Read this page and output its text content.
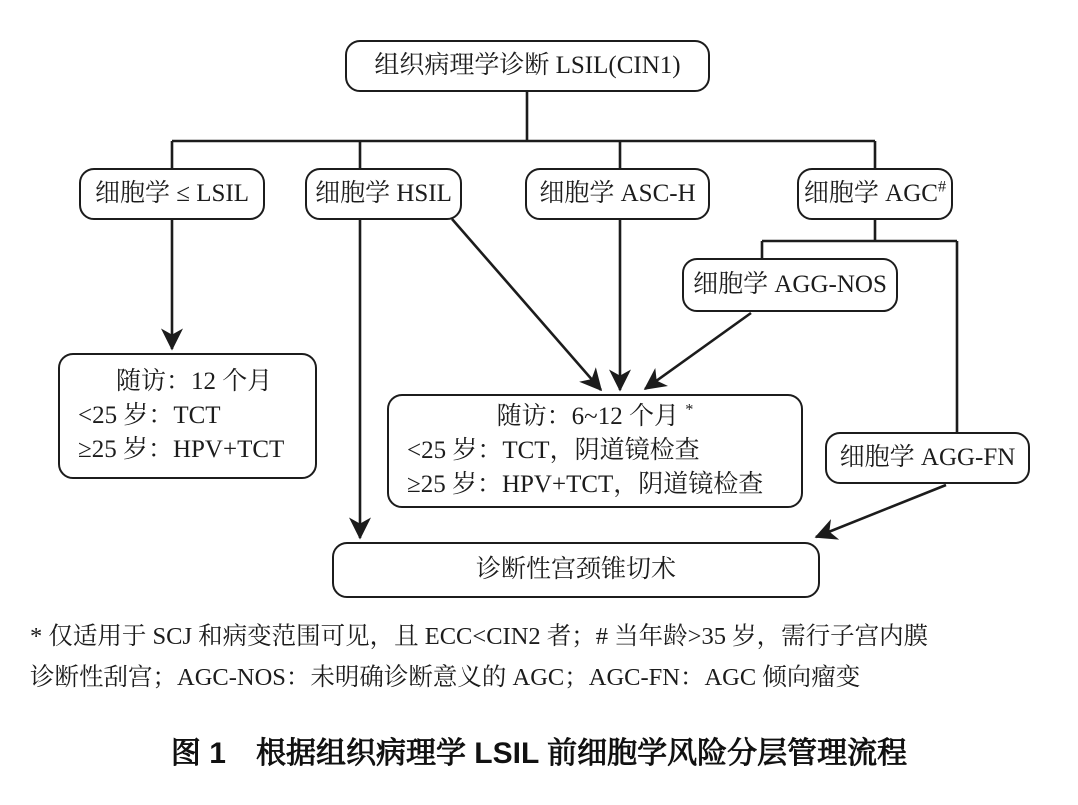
组织病理学诊断 LSIL(CIN1)
细胞学 ≤ LSIL	细胞学 HSIL	细胞学 ASC-H	细胞学 AGC#
细胞学 AGG-NOS
细胞学 AGG-FN
随访：12 个月
<25 岁：TCT
≥25 岁：HPV+TCT
随访：6~12 个月 *
<25 岁：TCT，阴道镜检查
≥25 岁：HPV+TCT，阴道镜检查
诊断性宫颈锥切术
* 仅适用于 SCJ 和病变范围可见，且 ECC<CIN2 者；# 当年龄>35 岁，需行子宫内膜
诊断性刮宫；AGC-NOS：未明确诊断意义的 AGC；AGC-FN：AGC 倾向瘤变
图 1 根据组织病理学 LSIL 前细胞学风险分层管理流程
